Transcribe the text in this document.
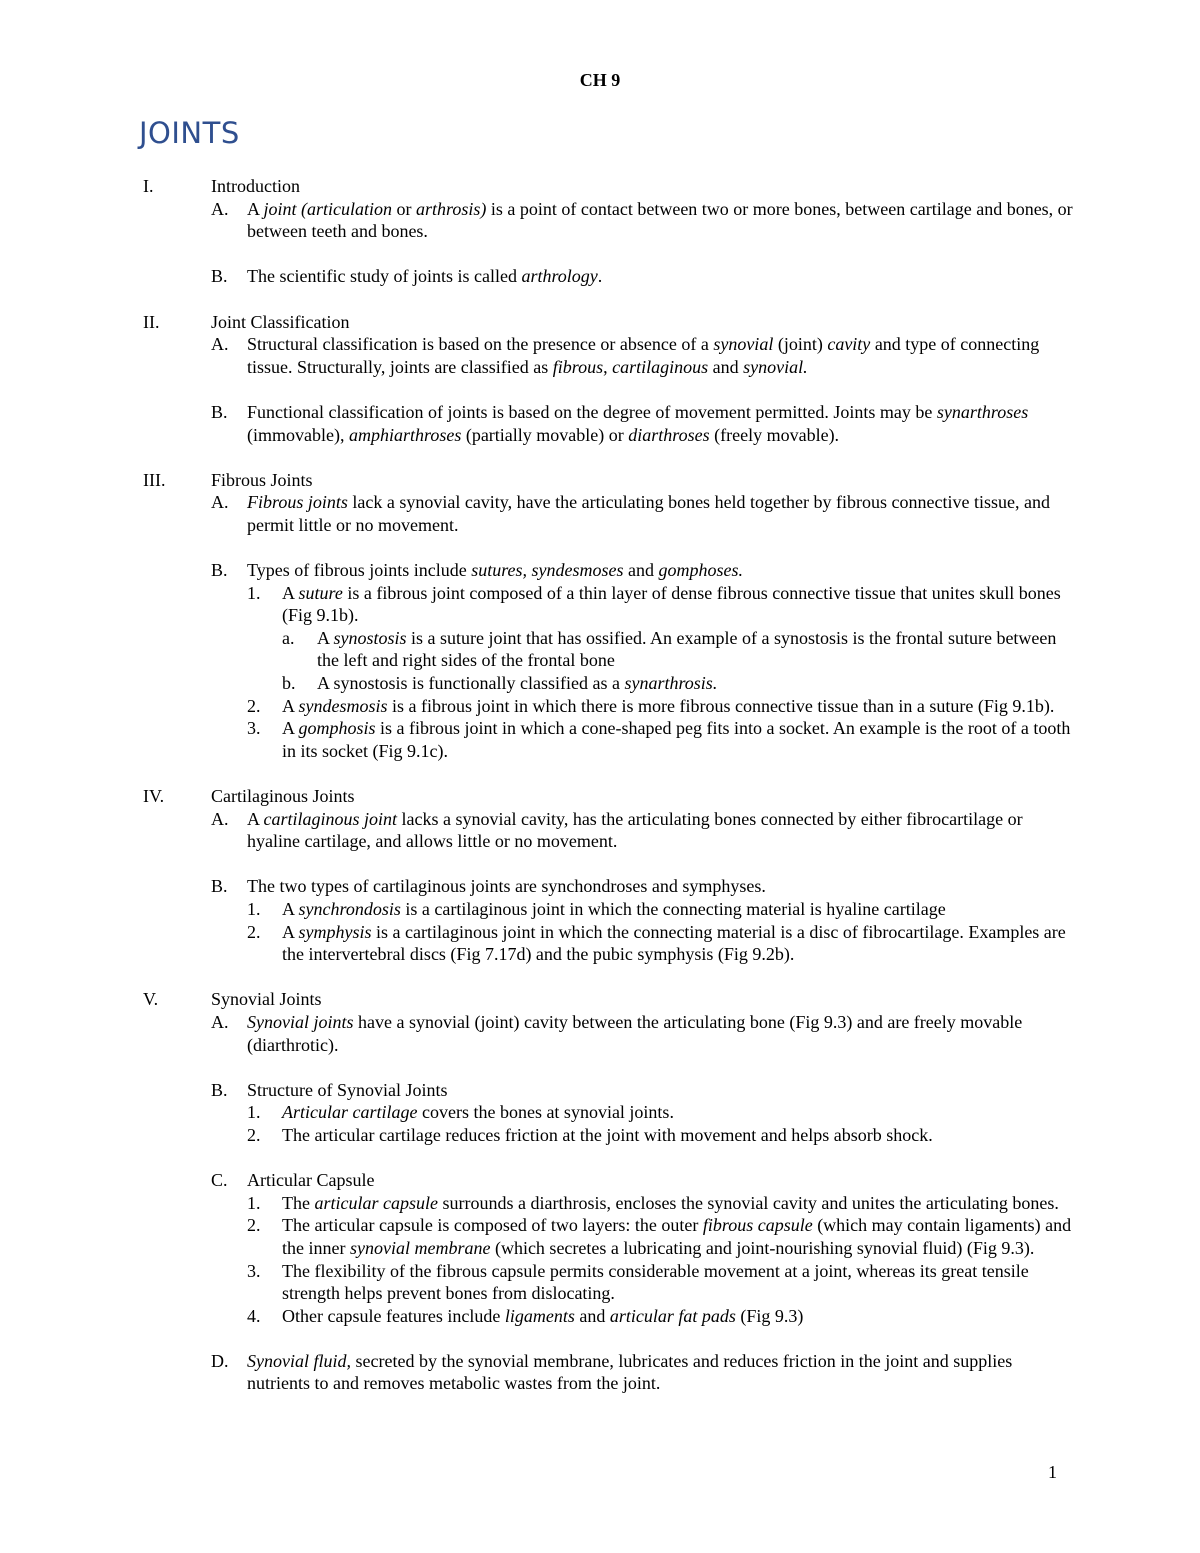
CH 9
JOINTS
I.	Introduction
A. A joint (articulation or arthrosis) is a point of contact between two or more bones, between cartilage and bones, or between teeth and bones.
B. The scientific study of joints is called arthrology.
II.	Joint Classification
A. Structural classification is based on the presence or absence of a synovial (joint) cavity and type of connecting tissue. Structurally, joints are classified as fibrous, cartilaginous and synovial.
B. Functional classification of joints is based on the degree of movement permitted. Joints may be synarthroses (immovable), amphiarthroses (partially movable) or diarthroses (freely movable).
III.	Fibrous Joints
A. Fibrous joints lack a synovial cavity, have the articulating bones held together by fibrous connective tissue, and permit little or no movement.
B. Types of fibrous joints include sutures, syndesmoses and gomphoses.
1. A suture is a fibrous joint composed of a thin layer of dense fibrous connective tissue that unites skull bones (Fig 9.1b).
a. A synostosis is a suture joint that has ossified. An example of a synostosis is the frontal suture between the left and right sides of the frontal bone
b. A synostosis is functionally classified as a synarthrosis.
2. A syndesmosis is a fibrous joint in which there is more fibrous connective tissue than in a suture (Fig 9.1b).
3. A gomphosis is a fibrous joint in which a cone-shaped peg fits into a socket. An example is the root of a tooth in its socket (Fig 9.1c).
IV.	Cartilaginous Joints
A. A cartilaginous joint lacks a synovial cavity, has the articulating bones connected by either fibrocartilage or hyaline cartilage, and allows little or no movement.
B. The two types of cartilaginous joints are synchondroses and symphyses.
1. A synchrondosis is a cartilaginous joint in which the connecting material is hyaline cartilage
2. A symphysis is a cartilaginous joint in which the connecting material is a disc of fibrocartilage. Examples are the intervertebral discs (Fig 7.17d) and the pubic symphysis (Fig 9.2b).
V.	Synovial Joints
A. Synovial joints have a synovial (joint) cavity between the articulating bone (Fig 9.3) and are freely movable (diarthrotic).
B. Structure of Synovial Joints
1. Articular cartilage covers the bones at synovial joints.
2. The articular cartilage reduces friction at the joint with movement and helps absorb shock.
C. Articular Capsule
1. The articular capsule surrounds a diarthrosis, encloses the synovial cavity and unites the articulating bones.
2. The articular capsule is composed of two layers: the outer fibrous capsule (which may contain ligaments) and the inner synovial membrane (which secretes a lubricating and joint-nourishing synovial fluid) (Fig 9.3).
3. The flexibility of the fibrous capsule permits considerable movement at a joint, whereas its great tensile strength helps prevent bones from dislocating.
4. Other capsule features include ligaments and articular fat pads (Fig 9.3)
D. Synovial fluid, secreted by the synovial membrane, lubricates and reduces friction in the joint and supplies nutrients to and removes metabolic wastes from the joint.
1
